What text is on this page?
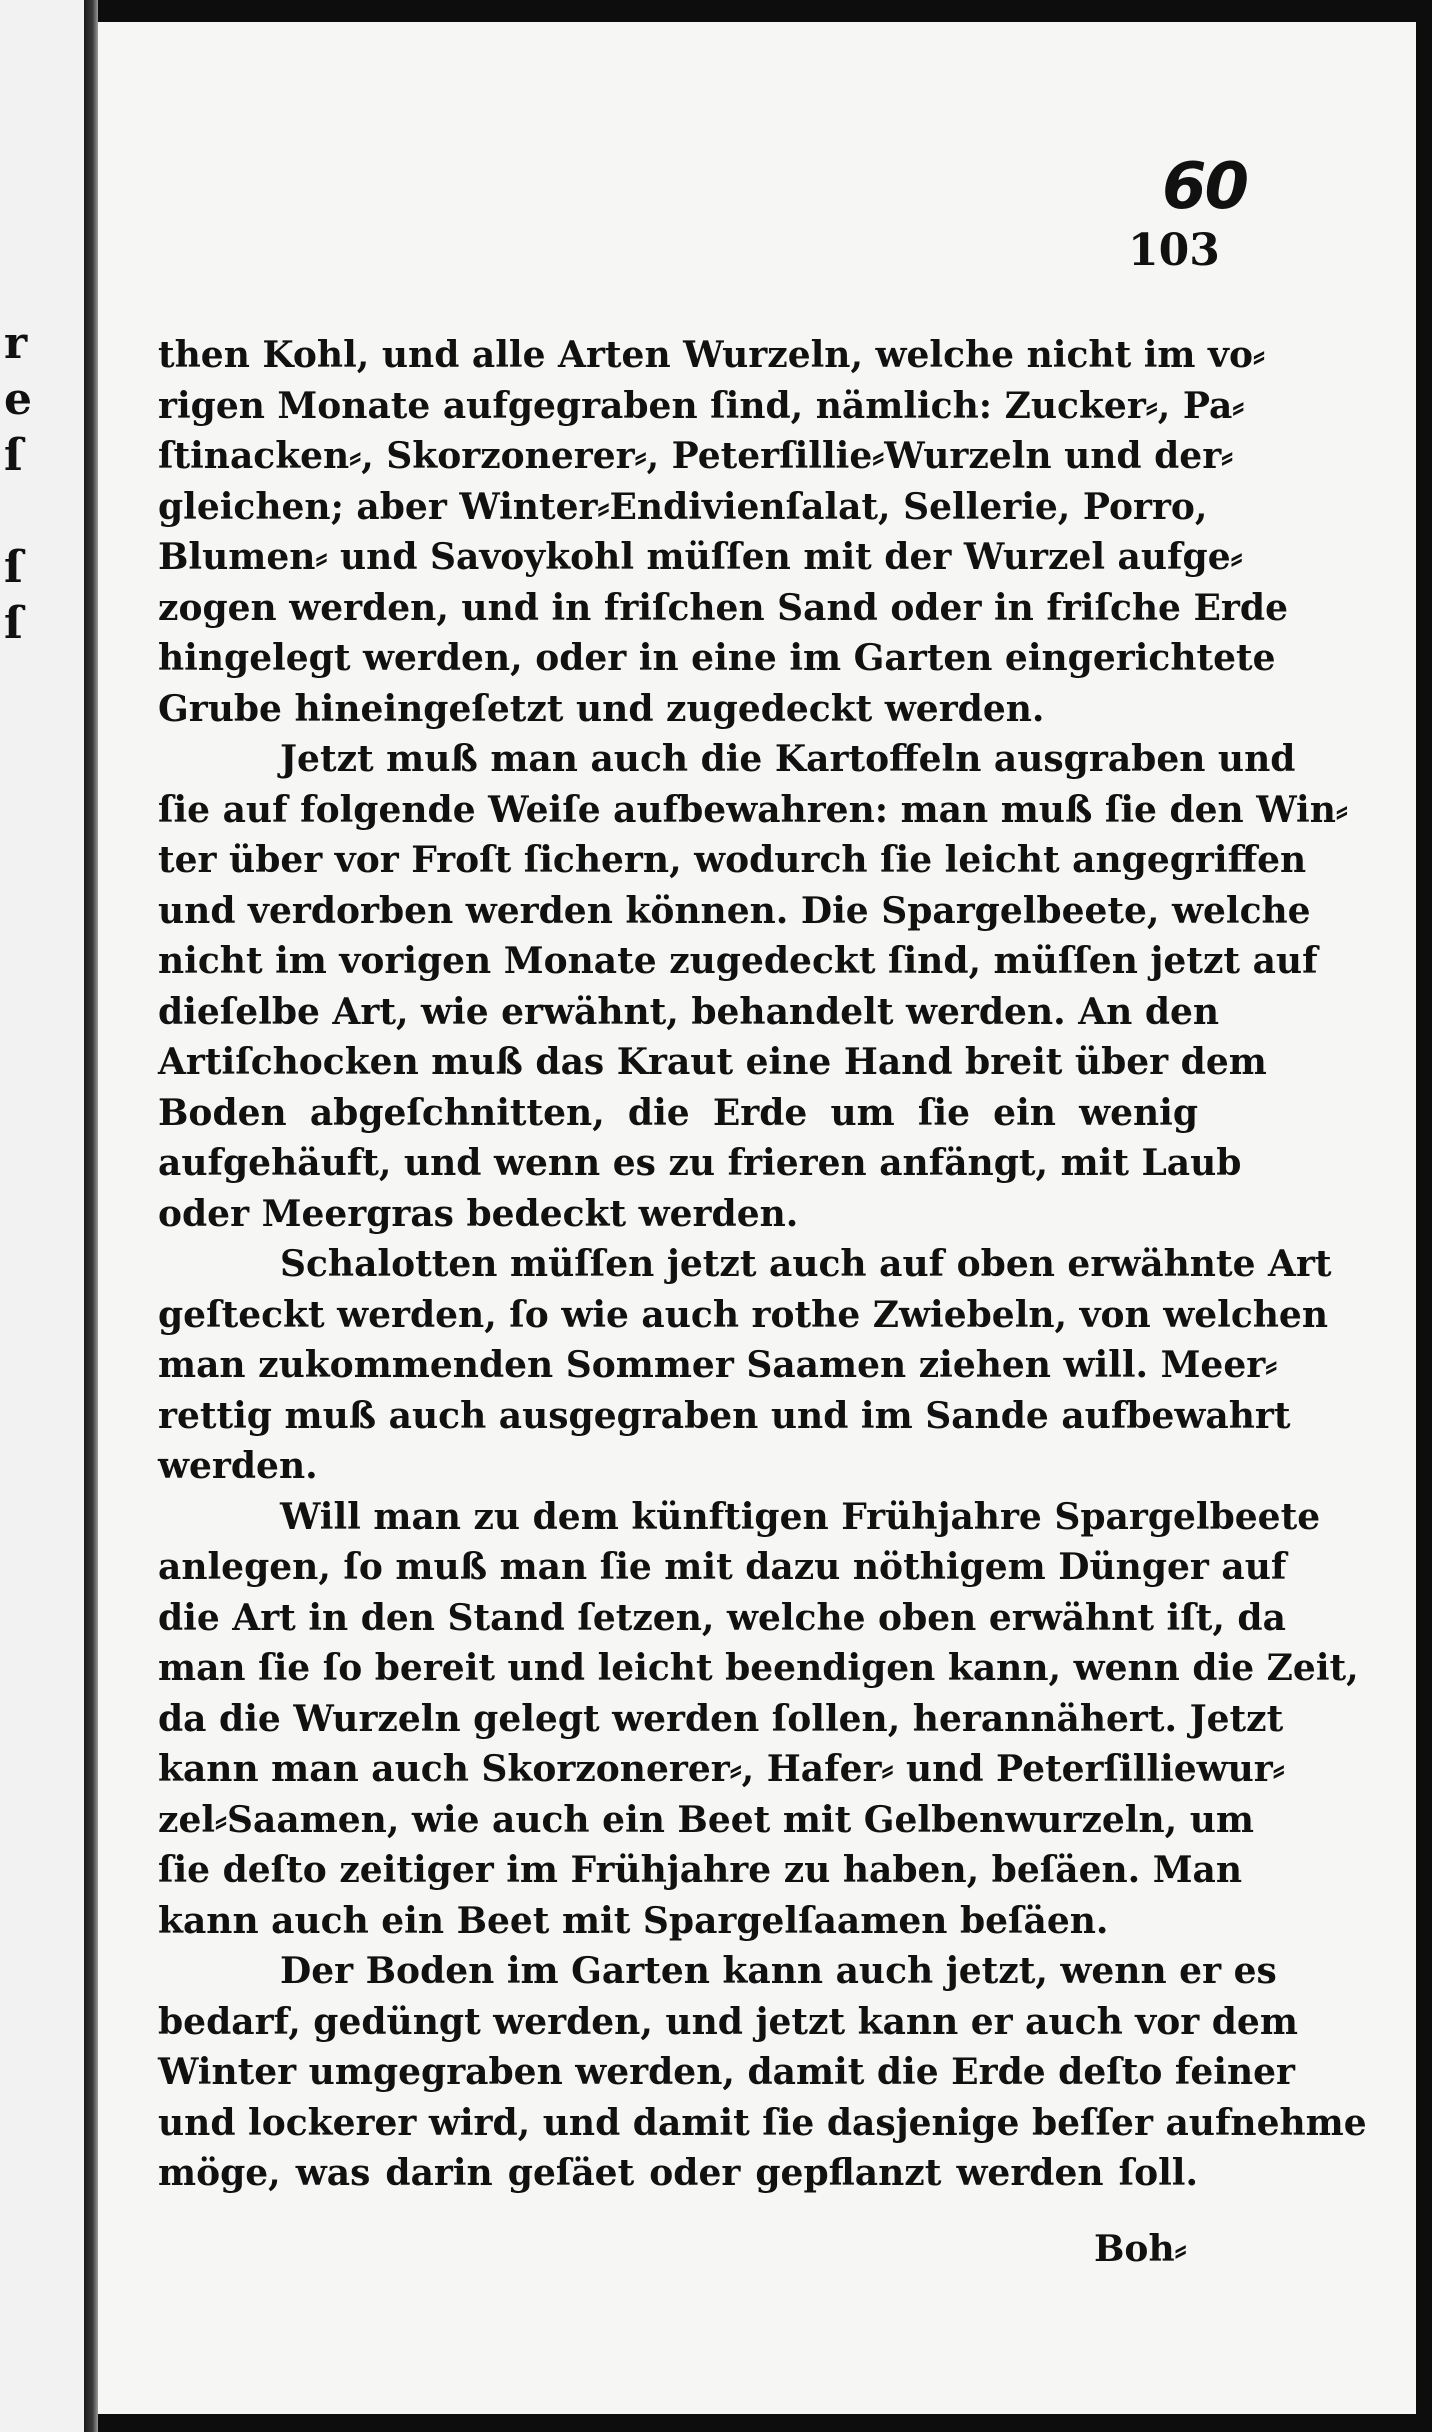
r
e
ſ
ſ
ſ
60
103
then Kohl, und alle Arten Wurzeln, welche nicht im vo⸗
rigen Monate aufgegraben ſind, nämlich: Zucker⸗, Pa⸗
ſtinacken⸗, Skorzonerer⸗, Peterſillie⸗Wurzeln und der⸗
gleichen; aber Winter⸗Endivienſalat, Sellerie, Porro,
Blumen⸗ und Savoykohl müſſen mit der Wurzel aufge⸗
zogen werden, und in friſchen Sand oder in friſche Erde
hingelegt werden, oder in eine im Garten eingerichtete
Grube hineingeſetzt und zugedeckt werden.
Jetzt muß man auch die Kartoffeln ausgraben und
ſie auf folgende Weiſe aufbewahren: man muß ſie den Win⸗
ter über vor Froſt ſichern, wodurch ſie leicht angegriffen
und verdorben werden können. Die Spargelbeete, welche
nicht im vorigen Monate zugedeckt ſind, müſſen jetzt auf
dieſelbe Art, wie erwähnt, behandelt werden. An den
Artiſchocken muß das Kraut eine Hand breit über dem
Boden abgeſchnitten, die Erde um ſie ein wenig
aufgehäuft, und wenn es zu frieren anfängt, mit Laub
oder Meergras bedeckt werden.
Schalotten müſſen jetzt auch auf oben erwähnte Art
geſteckt werden, ſo wie auch rothe Zwiebeln, von welchen
man zukommenden Sommer Saamen ziehen will. Meer⸗
rettig muß auch ausgegraben und im Sande aufbewahrt
werden.
Will man zu dem künftigen Frühjahre Spargelbeete
anlegen, ſo muß man ſie mit dazu nöthigem Dünger auf
die Art in den Stand ſetzen, welche oben erwähnt iſt, da
man ſie ſo bereit und leicht beendigen kann, wenn die Zeit,
da die Wurzeln gelegt werden ſollen, herannähert. Jetzt
kann man auch Skorzonerer⸗, Hafer⸗ und Peterſilliewur⸗
zel⸗Saamen, wie auch ein Beet mit Gelbenwurzeln, um
ſie deſto zeitiger im Frühjahre zu haben, beſäen. Man
kann auch ein Beet mit Spargelſaamen beſäen.
Der Boden im Garten kann auch jetzt, wenn er es
bedarf, gedüngt werden, und jetzt kann er auch vor dem
Winter umgegraben werden, damit die Erde deſto feiner
und lockerer wird, und damit ſie dasjenige beſſer aufnehme
möge, was darin geſäet oder gepflanzt werden ſoll.
Boh⸗
